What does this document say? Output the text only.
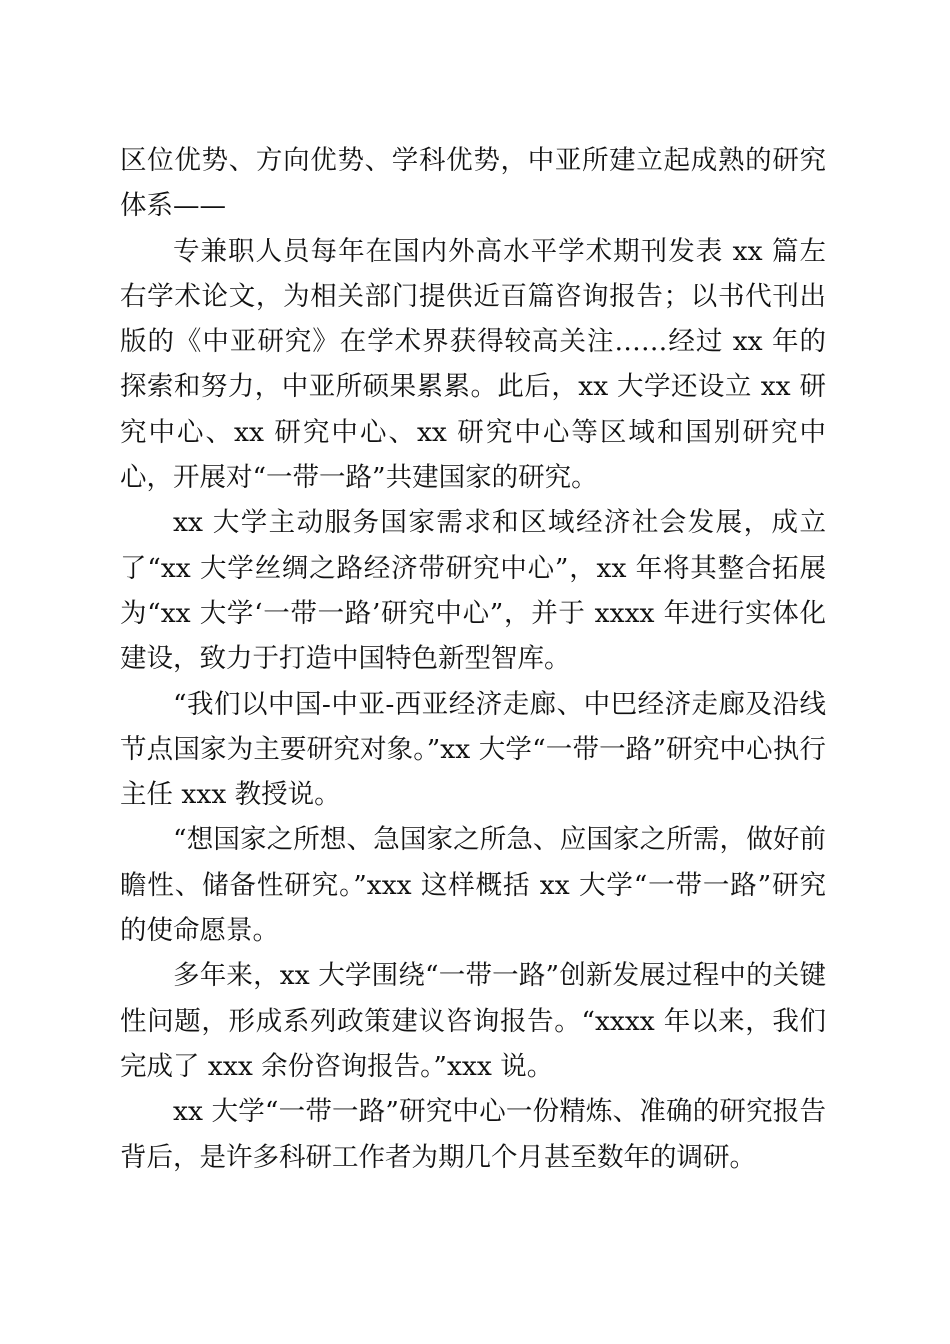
区位优势、方向优势、学科优势，中亚所建立起成熟的研究体系——

专兼职人员每年在国内外高水平学术期刊发表 xx 篇左右学术论文，为相关部门提供近百篇咨询报告；以书代刊出版的《中亚研究》在学术界获得较高关注……经过 xx 年的探索和努力，中亚所硕果累累。此后，xx 大学还设立 xx 研究中心、xx 研究中心、xx 研究中心等区域和国别研究中心，开展对“一带一路”共建国家的研究。

xx 大学主动服务国家需求和区域经济社会发展，成立了“xx 大学丝绸之路经济带研究中心”，xx 年将其整合拓展为“xx 大学‘一带一路’研究中心”，并于 xxxx 年进行实体化建设，致力于打造中国特色新型智库。

“我们以中国-中亚-西亚经济走廊、中巴经济走廊及沿线节点国家为主要研究对象。”xx 大学“一带一路”研究中心执行主任 xxx 教授说。

“想国家之所想、急国家之所急、应国家之所需，做好前瞻性、储备性研究。”xxx 这样概括 xx 大学“一带一路”研究的使命愿景。

多年来，xx 大学围绕“一带一路”创新发展过程中的关键性问题，形成系列政策建议咨询报告。“xxxx 年以来，我们完成了 xxx 余份咨询报告。”xxx 说。

xx 大学“一带一路”研究中心一份精炼、准确的研究报告背后，是许多科研工作者为期几个月甚至数年的调研。
